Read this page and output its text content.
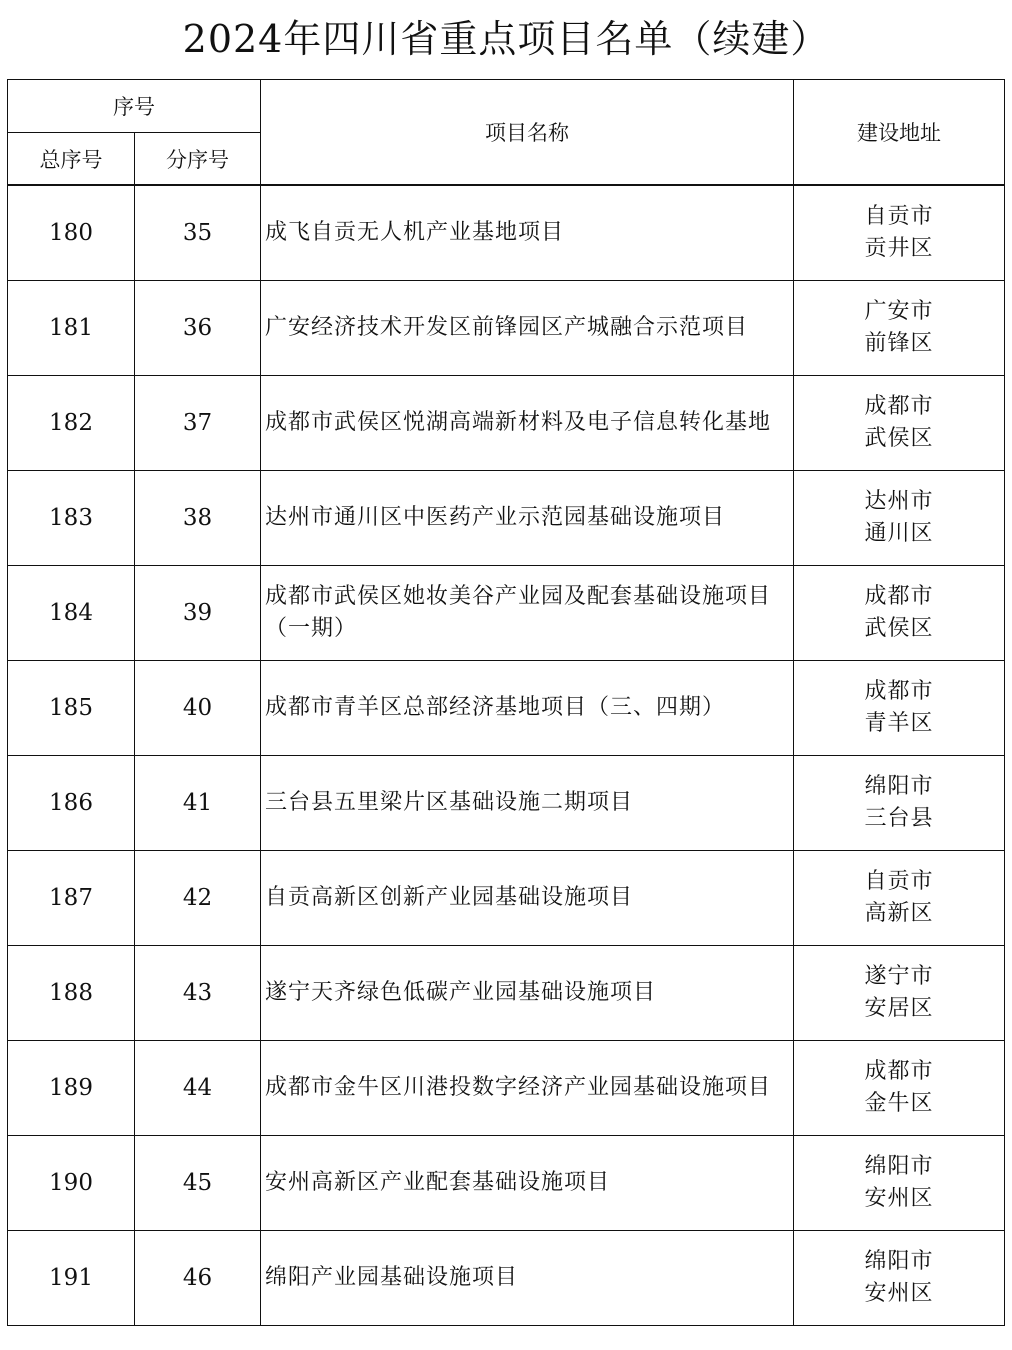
2024年四川省重点项目名单（续建）
序号		项目名称	建设地址
总序号	分序号		
180	35	成飞自贡无人机产业基地项目	自贡市
贡井区

181	36	广安经济技术开发区前锋园区产城融合示范项目	广安市
前锋区

182	37	成都市武侯区悦湖高端新材料及电子信息转化基地	成都市
武侯区

183	38	达州市通川区中医药产业示范园基础设施项目	达州市
通川区

184	39	成都市武侯区她妆美谷产业园及配套基础设施项目（一期）	成都市
武侯区

185	40	成都市青羊区总部经济基地项目（三、四期）	成都市
青羊区

186	41	三台县五里梁片区基础设施二期项目	绵阳市
三台县

187	42	自贡高新区创新产业园基础设施项目	自贡市
高新区

188	43	遂宁天齐绿色低碳产业园基础设施项目	遂宁市
安居区

189	44	成都市金牛区川港投数字经济产业园基础设施项目	成都市
金牛区

190	45	安州高新区产业配套基础设施项目	绵阳市
安州区

191	46	绵阳产业园基础设施项目	绵阳市
安州区
